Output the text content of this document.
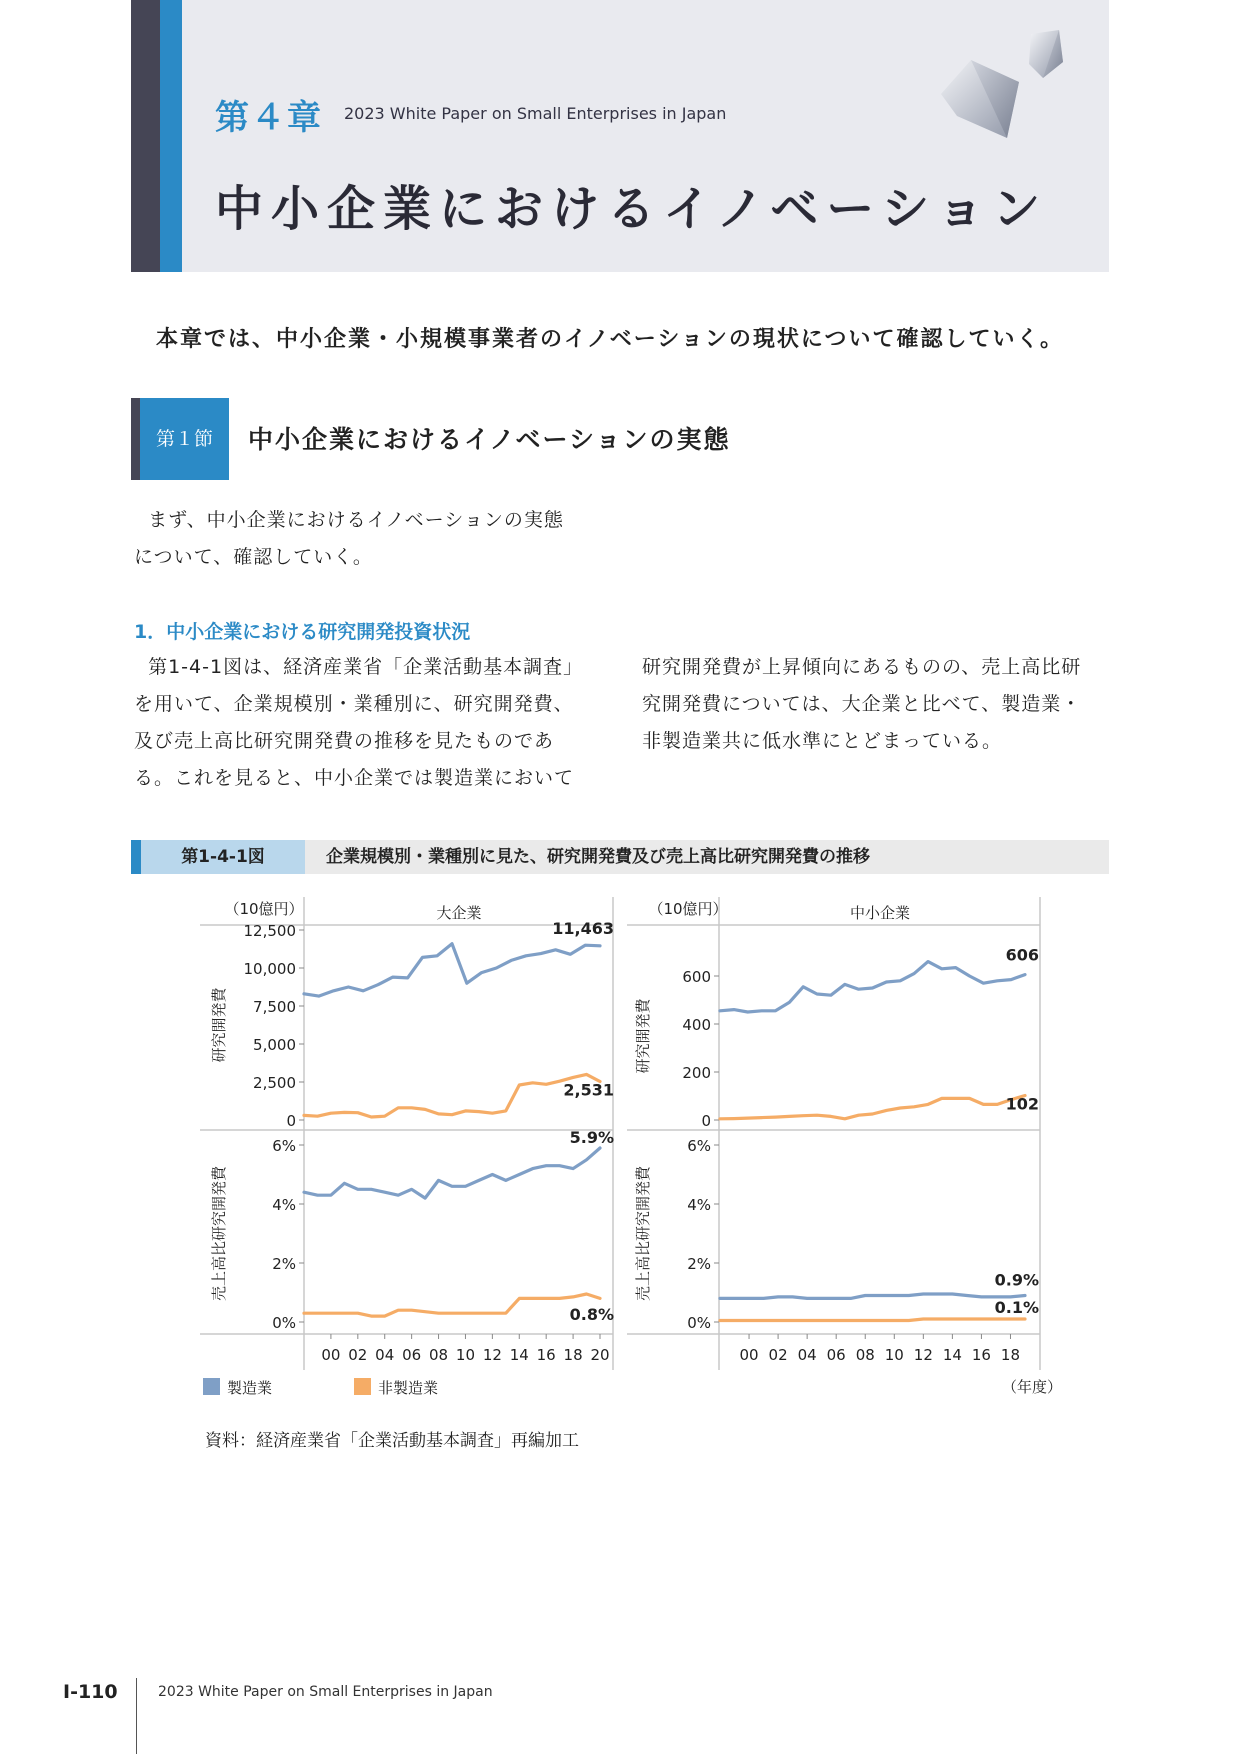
第４章 2023 White Paper on Small Enterprises in Japan
中小企業におけるイノベーション
本章では、中小企業・小規模事業者のイノベーションの現状について確認していく。
第１節	中小企業におけるイノベーションの実態
まず、中小企業におけるイノベーションの実態
について、確認していく。
1．中小企業における研究開発投資状況
第1-4-1図は、経済産業省「企業活動基本調査」
を用いて、企業規模別・業種別に、研究開発費、
及び売上高比研究開発費の推移を見たものであ
る。これを見ると、中小企業では製造業において
研究開発費が上昇傾向にあるものの、売上高比研
究開発費については、大企業と比べて、製造業・
非製造業共に低水準にとどまっている。
第1-4-1図	企業規模別・業種別に見た、研究開発費及び売上高比研究開発費の推移
（年度）
大企業
（10億円）
研究開発費
0
2,500
5,000
7,500
10,000
12,500	11,463
2,531
中小企業
（10億円）
研究開発費
0
200
400
600
606
102
売上高比研究開発費
0%
2%
4%
6%	5.9%
0.8%
00 02 04 06 08 10 12 14 16 18 20
売上高比研究開発費
0%
2%
4%
6%
0.9%
0.1%
00 02 04 06 08 10 12 14 16 18
製造業	非製造業
資料：経済産業省「企業活動基本調査」再編加工
I-110	2023 White Paper on Small Enterprises in Japan
